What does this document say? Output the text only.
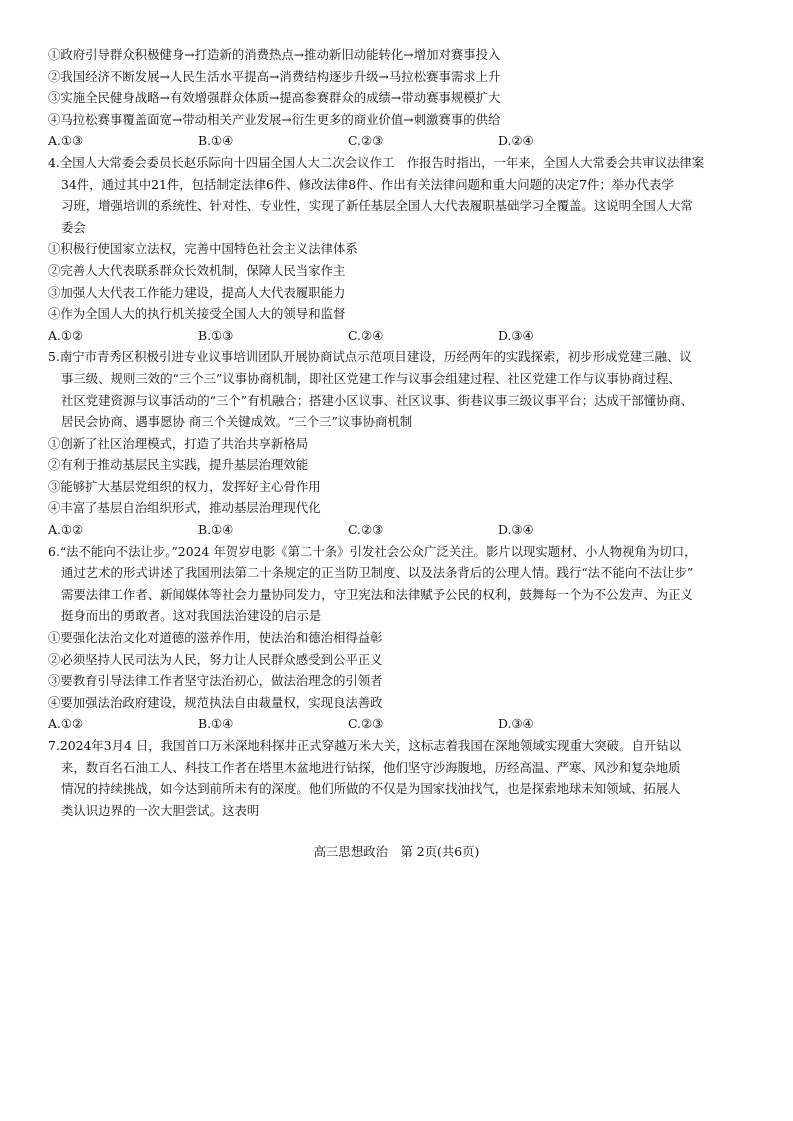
①政府引导群众积极健身→打造新的消费热点→推动新旧动能转化→增加对赛事投入
②我国经济不断发展→人民生活水平提高→消费结构逐步升级→马拉松赛事需求上升
③实施全民健身战略→有效增强群众体质→提高参赛群众的成绩→带动赛事规模扩大
④马拉松赛事覆盖面宽→带动相关产业发展→衍生更多的商业价值→刺激赛事的供给
A.①③	B.①④	C.②③	D.②④
4.全国人大常委会委员长赵乐际向十四届全国人大二次会议作工　作报告时指出，一年来，全国人大常委会共审议法律案
34件，通过其中21件，包括制定法律6件、修改法律8件、作出有关法律问题和重大问题的决定7件；举办代表学
习班，增强培训的系统性、针对性、专业性，实现了新任基层全国人大代表履职基础学习全覆盖。这说明全国人大常
委会
①积极行使国家立法权，完善中国特色社会主义法律体系
②完善人大代表联系群众长效机制，保障人民当家作主
③加强人大代表工作能力建设，提高人大代表履职能力
④作为全国人大的执行机关接受全国人大的领导和监督
A.①②	B.①③	C.②④	D.③④
5.南宁市青秀区积极引进专业议事培训团队开展协商试点示范项目建设，历经两年的实践探索，初步形成党建三融、议
事三级、规则三效的“三个三”议事协商机制，即社区党建工作与议事会组建过程、社区党建工作与议事协商过程、
社区党建资源与议事活动的“三个”有机融合；搭建小区议事、社区议事、街巷议事三级议事平台；达成干部懂协商、
居民会协商、遇事愿协 商三个关键成效。“三个三”议事协商机制
①创新了社区治理模式，打造了共治共享新格局
②有利于推动基层民主实践，提升基层治理效能
③能够扩大基层党组织的权力，发挥好主心骨作用
④丰富了基层自治组织形式，推动基层治理现代化
A.①②	B.①④	C.②③	D.③④
6.“法不能向不法让步。”2024 年贺岁电影《第二十条》引发社会公众广泛关注。影片以现实题材、小人物视角为切口，
通过艺术的形式讲述了我国刑法第二十条规定的正当防卫制度、以及法条背后的公理人情。践行“法不能向不法让步”
需要法律工作者、新闻媒体等社会力量协同发力，守卫宪法和法律赋予公民的权利，鼓舞每一个为不公发声、为正义
挺身而出的勇敢者。这对我国法治建设的启示是
①要强化法治文化对道德的滋养作用，使法治和德治相得益彰
②必须坚持人民司法为人民，努力让人民群众感受到公平正义
③要教育引导法律工作者坚守法治初心，做法治理念的引领者
④要加强法治政府建设，规范执法自由裁量权，实现良法善政
A.①②	B.①④	C.②③	D.③④
7.2024年3月4 日，我国首口万米深地科探井正式穿越万米大关，这标志着我国在深地领域实现重大突破。自开钻以
来，数百名石油工人、科技工作者在塔里木盆地进行钻探，他们坚守沙海腹地，历经高温、严寒、风沙和复杂地质
情况的持续挑战，如今达到前所未有的深度。他们所做的不仅是为国家找油找气，也是探索地球未知领域、拓展人
类认识边界的一次大胆尝试。这表明
高三思想政治　第 2页(共6页)
